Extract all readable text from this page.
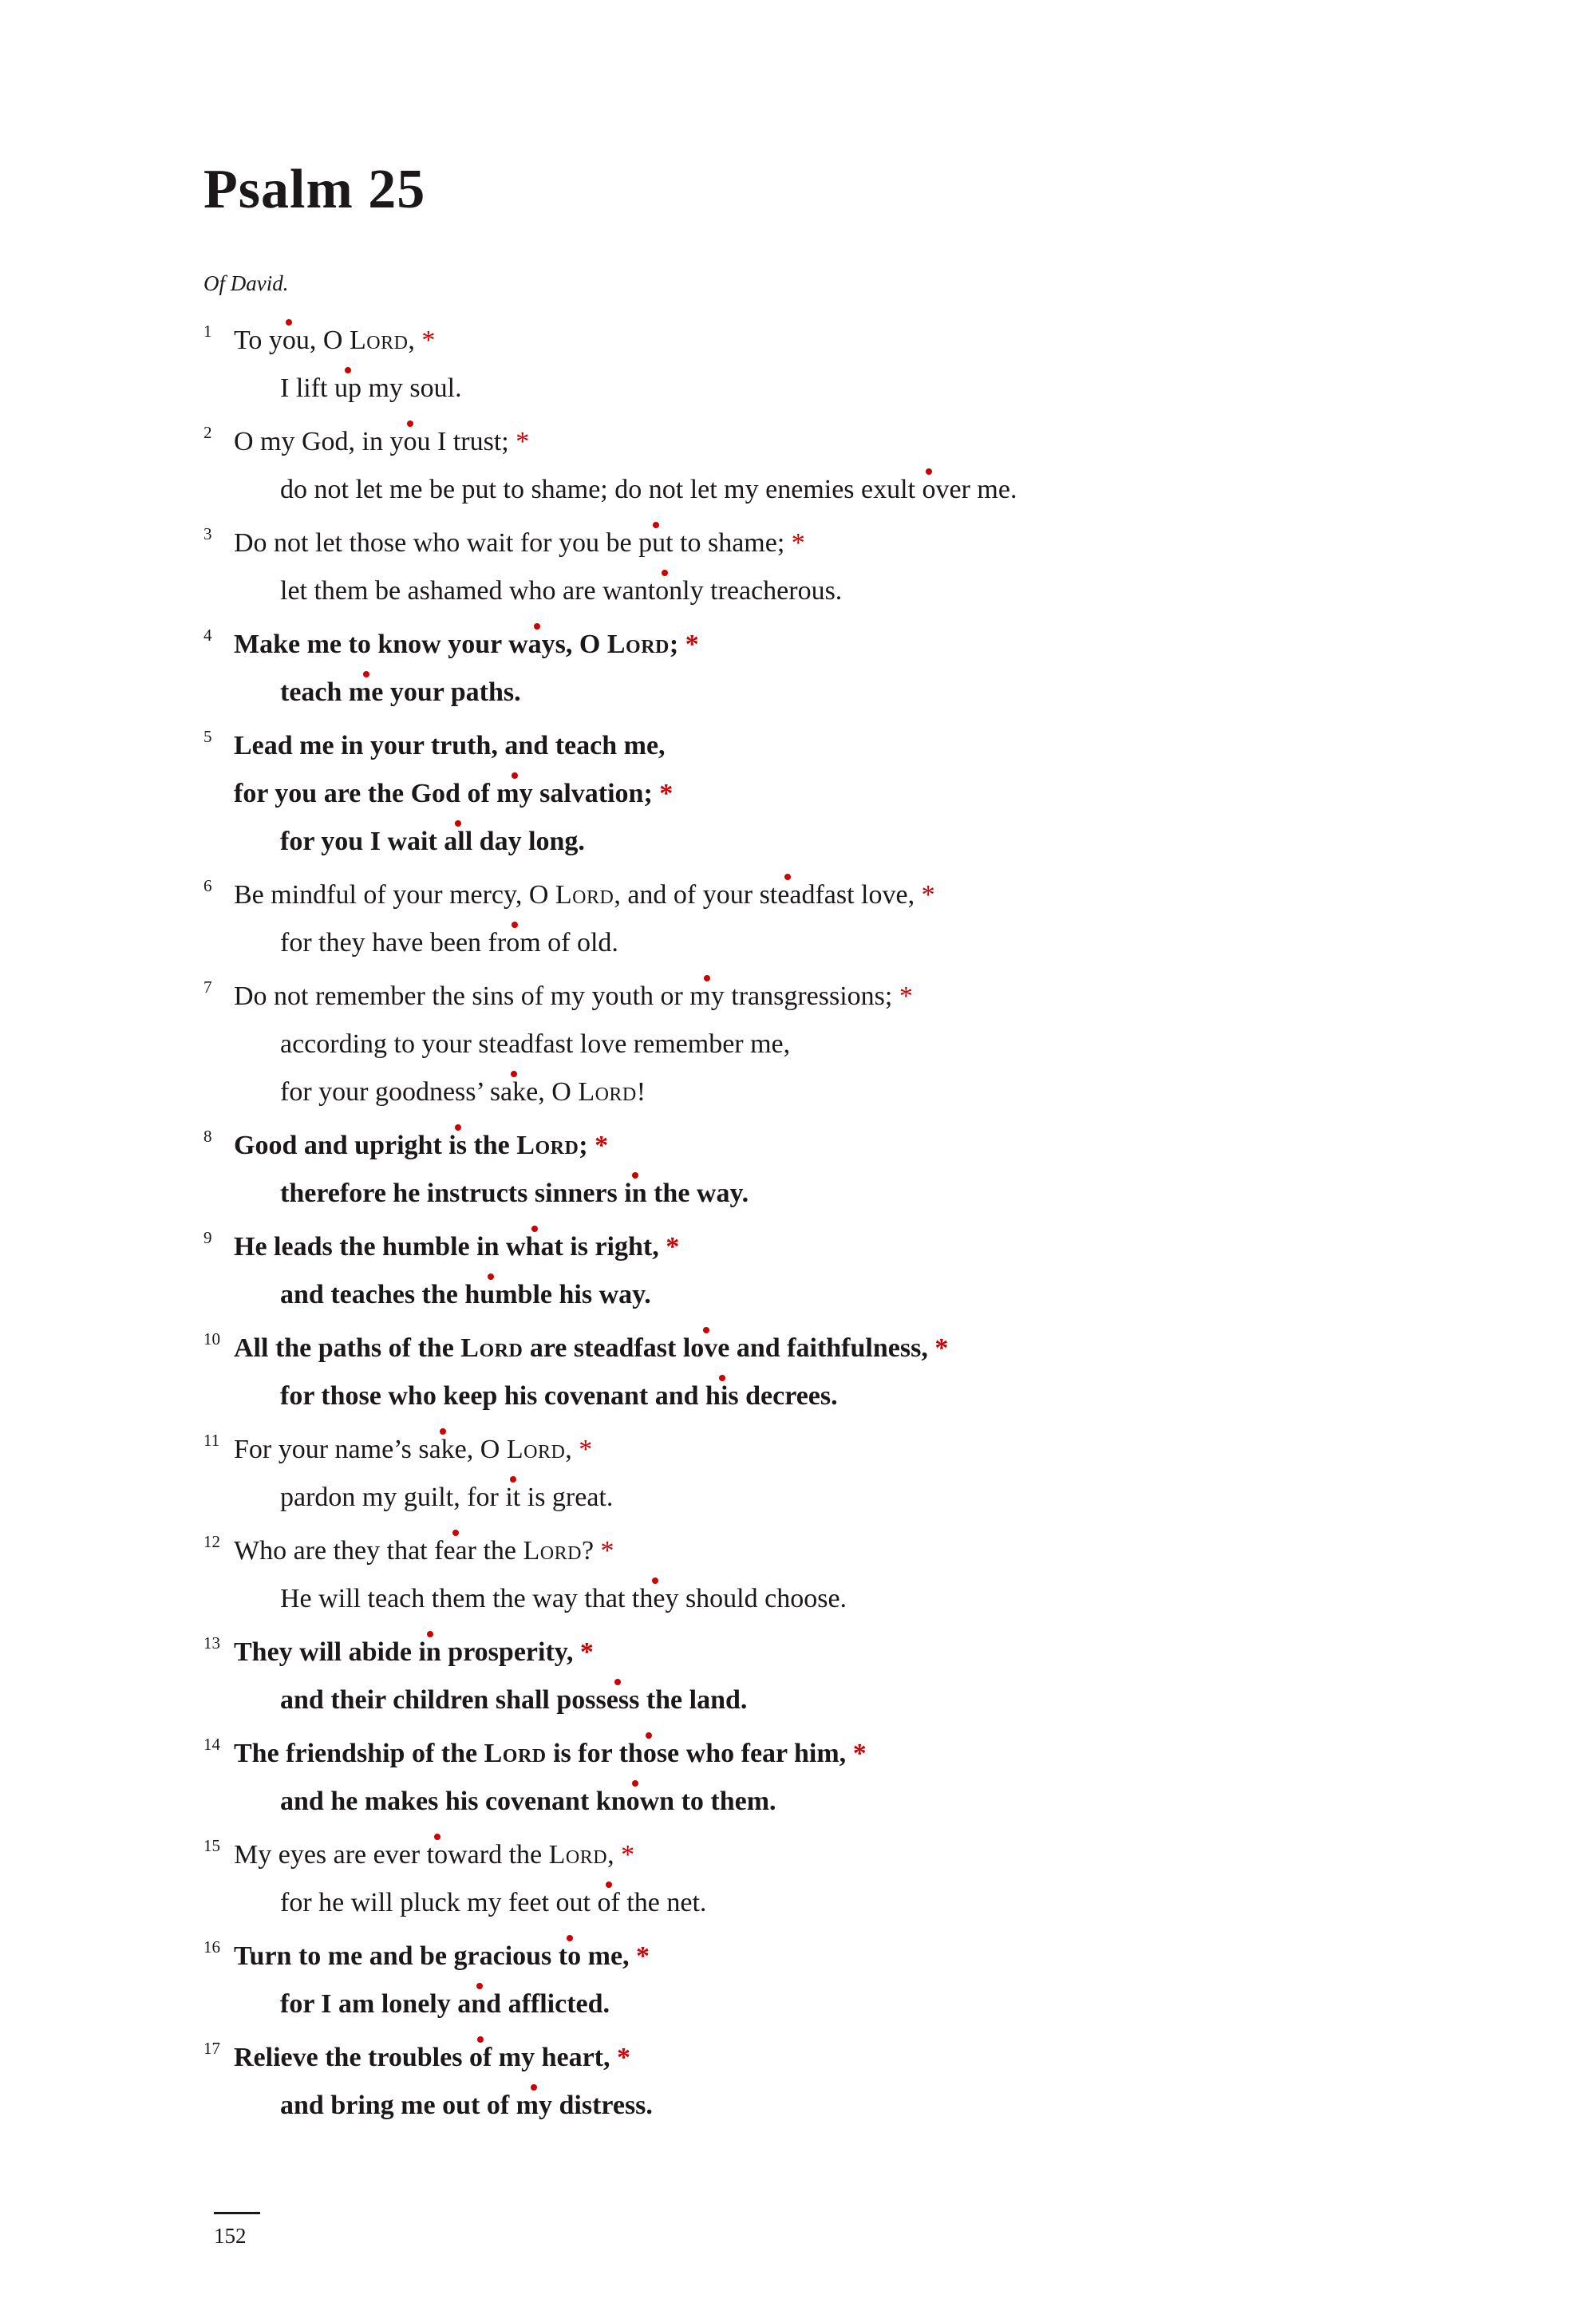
Psalm 25

Of David.

1 To you, O Lord, *
I lift up my soul.
2 O my God, in you I trust; *
do not let me be put to shame; do not let my enemies exult over me.
3 Do not let those who wait for you be put to shame; *
let them be ashamed who are wantonly treacherous.
4 Make me to know your ways, O Lord; *
teach me your paths.
5 Lead me in your truth, and teach me,
for you are the God of my salvation; *
for you I wait all day long.
6 Be mindful of your mercy, O Lord, and of your steadfast love, *
for they have been from of old.
7 Do not remember the sins of my youth or my transgressions; *
according to your steadfast love remember me,
for your goodness’ sake, O Lord!
8 Good and upright is the Lord; *
therefore he instructs sinners in the way.
9 He leads the humble in what is right, *
and teaches the humble his way.
10 All the paths of the Lord are steadfast love and faithfulness, *
for those who keep his covenant and his decrees.
11 For your name’s sake, O Lord, *
pardon my guilt, for it is great.
12 Who are they that fear the Lord? *
He will teach them the way that they should choose.
13 They will abide in prosperity, *
and their children shall possess the land.
14 The friendship of the Lord is for those who fear him, *
and he makes his covenant known to them.
15 My eyes are ever toward the Lord, *
for he will pluck my feet out of the net.
16 Turn to me and be gracious to me, *
for I am lonely and afflicted.
17 Relieve the troubles of my heart, *
and bring me out of my distress.
152
